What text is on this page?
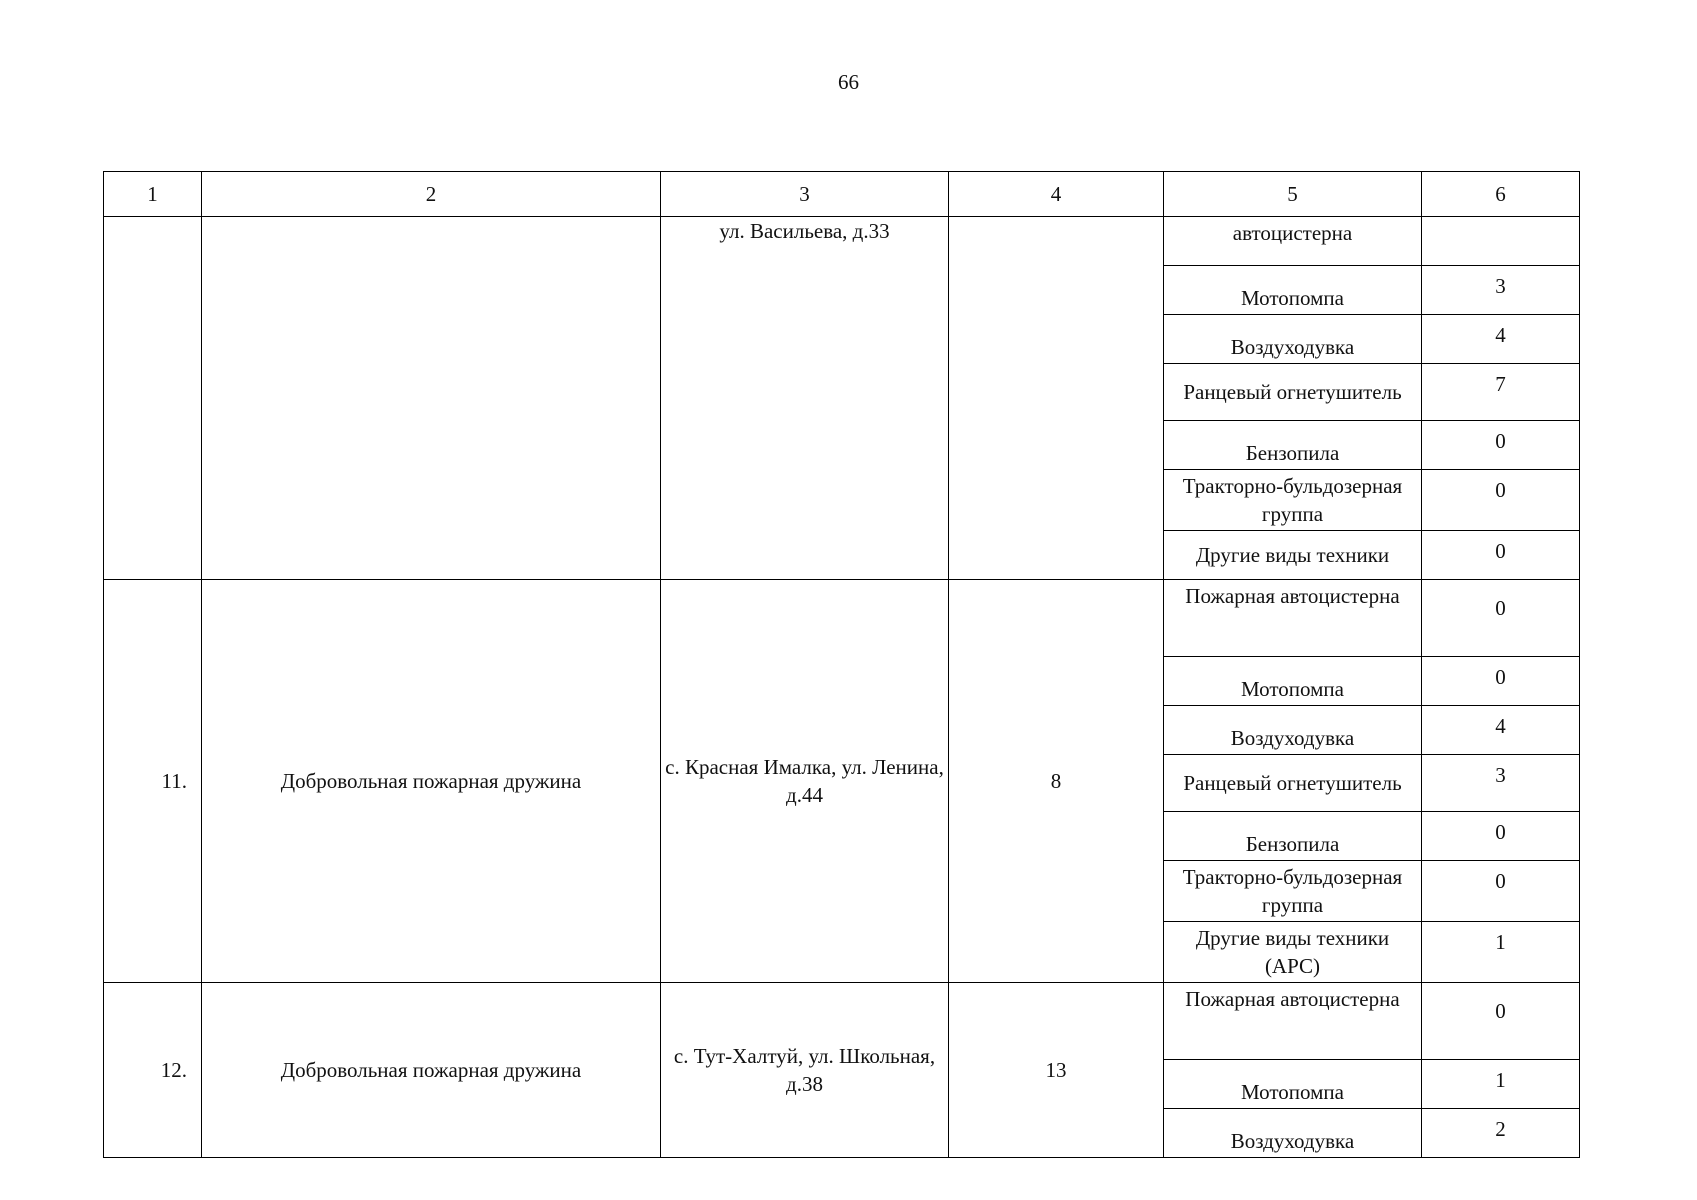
66
1	2	3	4	5	6
		ул. Васильева, д.33		автоцистерна	
				Мотопомпа	3
				Воздуходувка	4
				Ранцевый огнетушитель	7
				Бензопила	0
				Тракторно-бульдозерная группа	0
				Другие виды техники	0
11.	Добровольная пожарная дружина	с. Красная Ималка, ул. Ленина, д.44	8	Пожарная автоцистерна	0
				Мотопомпа	0
				Воздуходувка	4
				Ранцевый огнетушитель	3
				Бензопила	0
				Тракторно-бульдозерная группа	0
				Другие виды техники (АРС)	1
12.	Добровольная пожарная дружина	с. Тут-Халтуй, ул. Школьная, д.38	13	Пожарная автоцистерна	0
				Мотопомпа	1
				Воздуходувка	2
